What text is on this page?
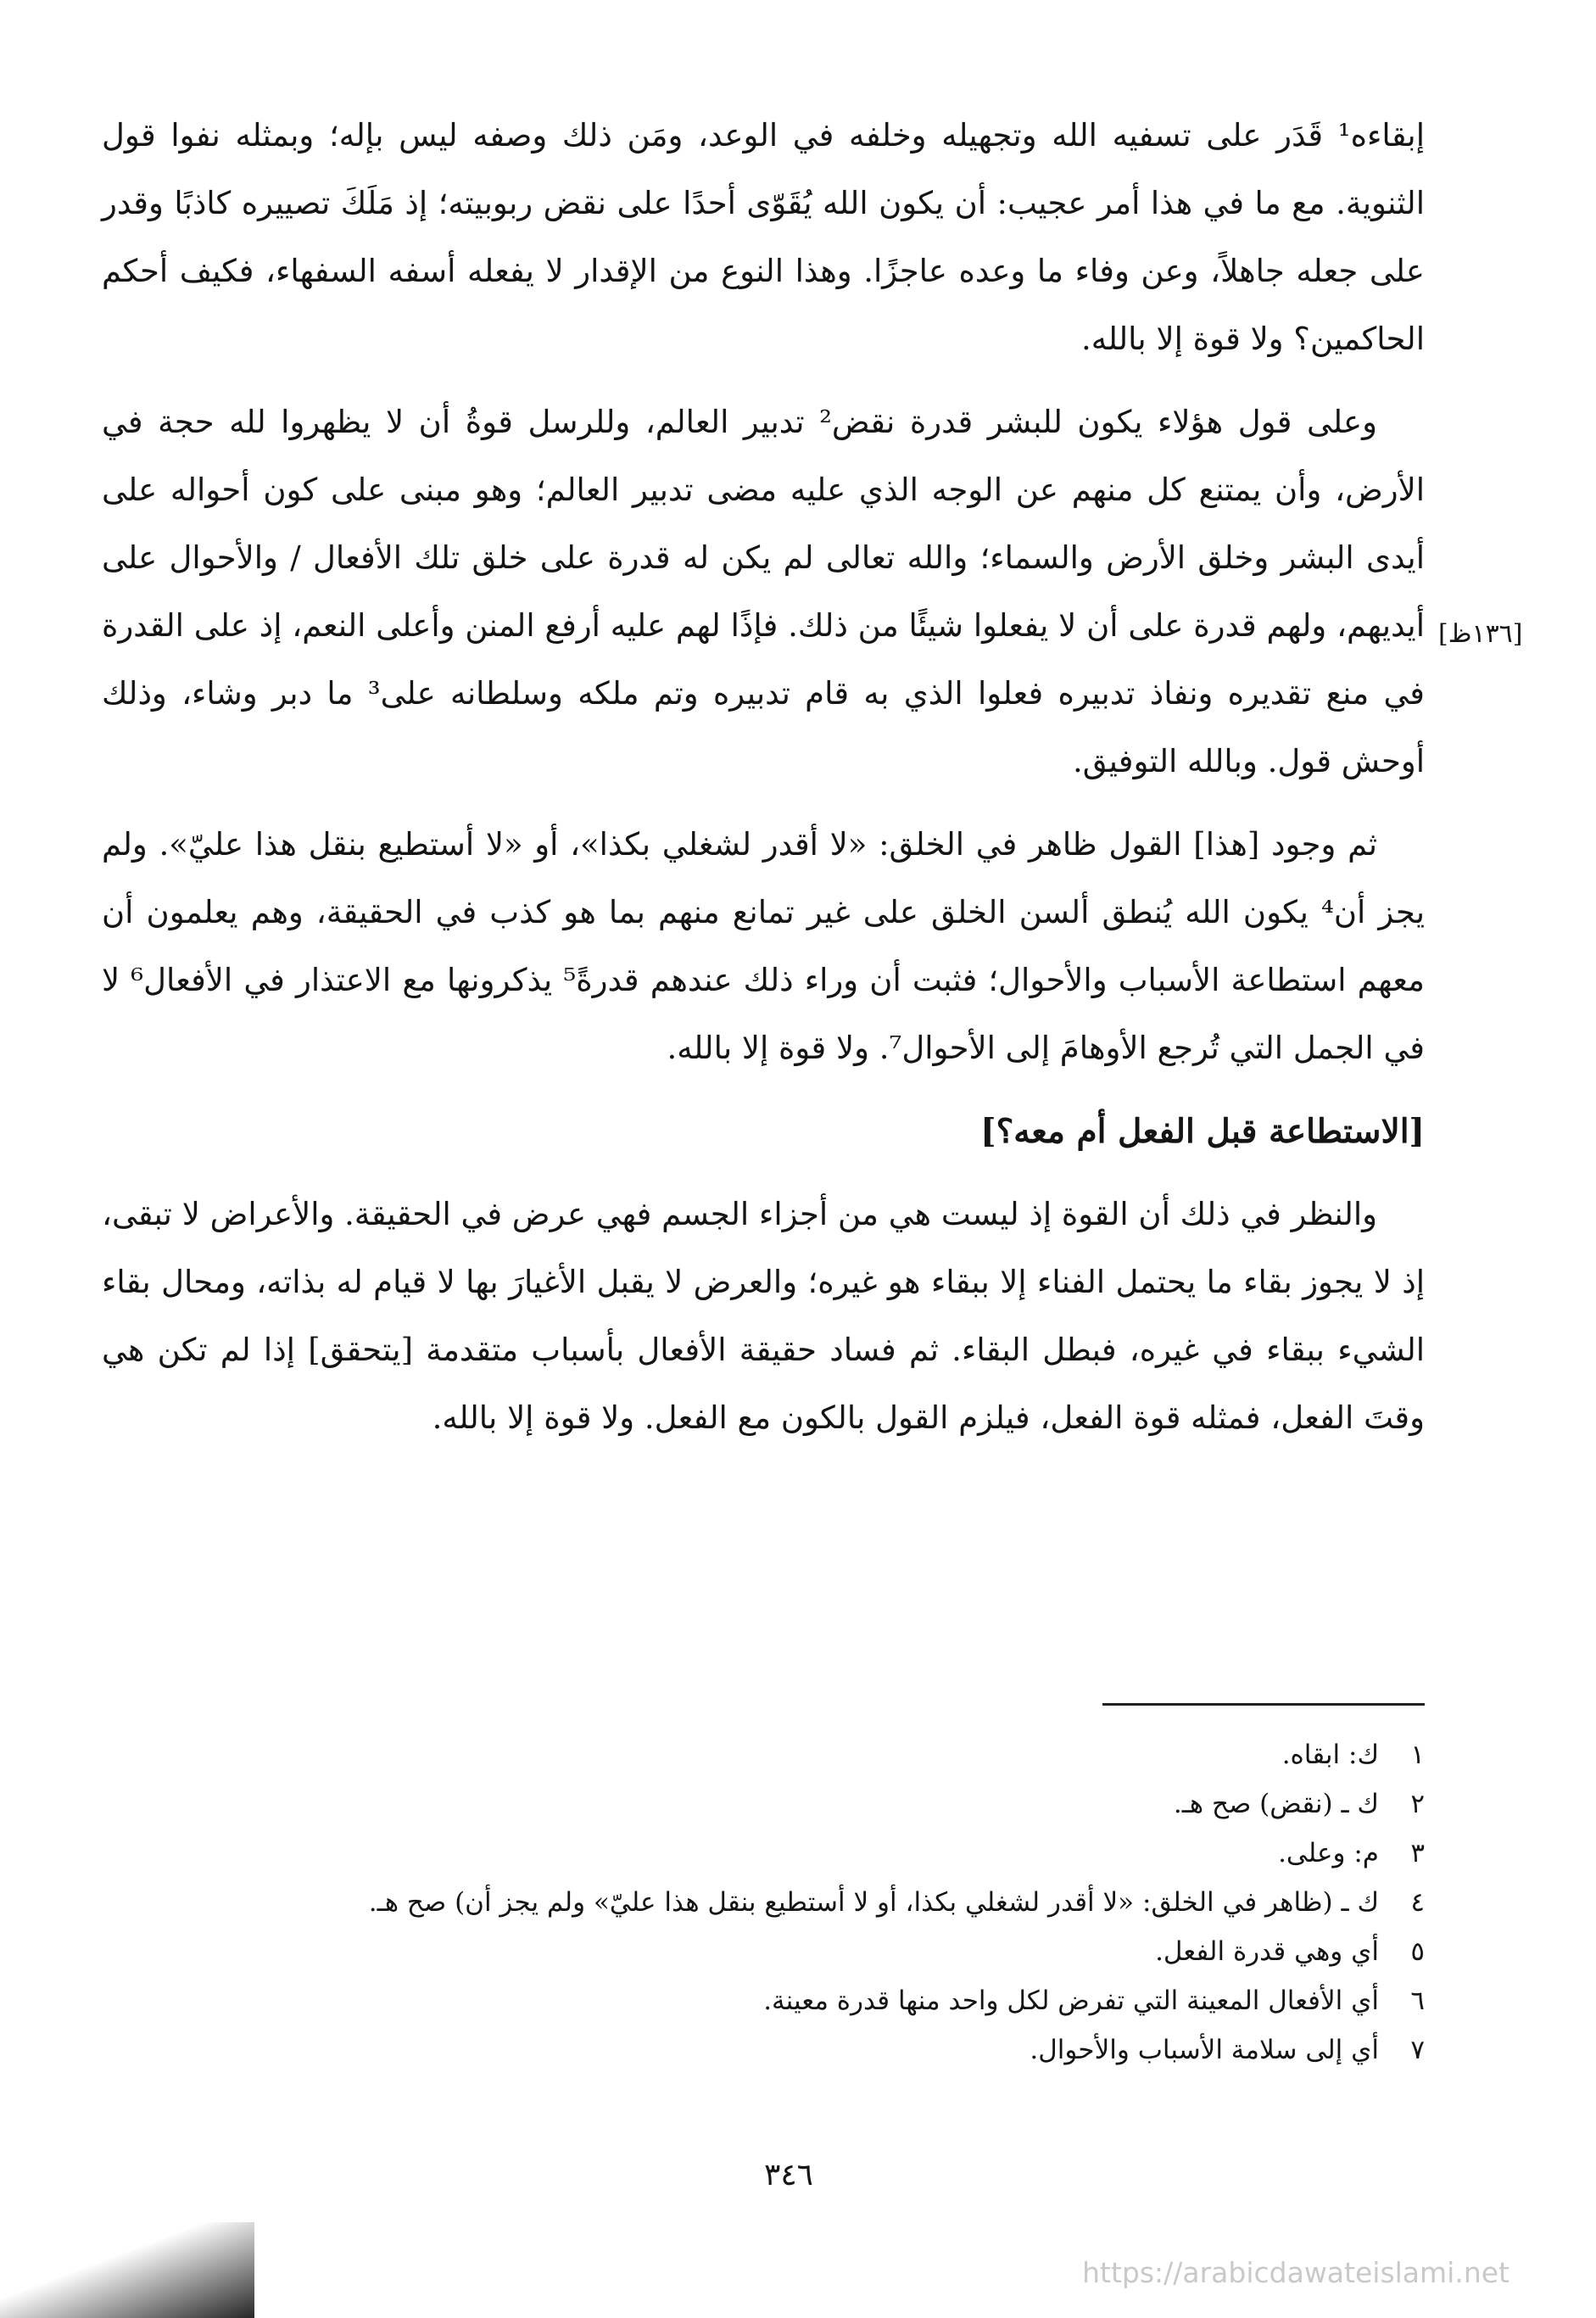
إبقاءه¹ قَدَر على تسفيه الله وتجهيله وخلفه في الوعد، ومَن ذلك وصفه ليس بإله؛ وبمثله نفوا قول الثنوية. مع ما في هذا أمر عجيب: أن يكون الله يُقَوّى أحدًا على نقض ربوبيته؛ إذ مَلَكَ تصييره كاذبًا وقدر على جعله جاهلاً، وعن وفاء ما وعده عاجزًا. وهذا النوع من الإقدار لا يفعله أسفه السفهاء، فكيف أحكم الحاكمين؟ ولا قوة إلا بالله.

وعلى قول هؤلاء يكون للبشر قدرة نقض² تدبير العالم، وللرسل قوةُ أن لا يظهروا لله حجة في الأرض، وأن يمتنع كل منهم عن الوجه الذي عليه مضى تدبير العالم؛ وهو مبنى على كون أحواله على أيدى البشر وخلق الأرض والسماء؛ والله تعالى لم يكن له قدرة على خلق تلك الأفعال / والأحوال على أيديهم، ولهم قدرة على أن لا يفعلوا شيئًا من ذلك. فإذًا لهم عليه أرفع المنن وأعلى النعم، إذ على القدرة في منع تقديره ونفاذ تدبيره فعلوا الذي به قام تدبيره وتم ملكه وسلطانه على³ ما دبر وشاء، وذلك أوحش قول. وبالله التوفيق.

ثم وجود [هذا] القول ظاهر في الخلق: «لا أقدر لشغلي بكذا»، أو «لا أستطيع بنقل هذا عليّ». ولم يجز أن⁴ يكون الله يُنطق ألسن الخلق على غير تمانع منهم بما هو كذب في الحقيقة، وهم يعلمون أن معهم استطاعة الأسباب والأحوال؛ فثبت أن وراء ذلك عندهم قدرةً⁵ يذكرونها مع الاعتذار في الأفعال⁶ لا في الجمل التي تُرجع الأوهامَ إلى الأحوال⁷. ولا قوة إلا بالله.

[الاستطاعة قبل الفعل أم معه؟]

والنظر في ذلك أن القوة إذ ليست هي من أجزاء الجسم فهي عرض في الحقيقة. والأعراض لا تبقى، إذ لا يجوز بقاء ما يحتمل الفناء إلا ببقاء هو غيره؛ والعرض لا يقبل الأغيارَ بها لا قيام له بذاته، ومحال بقاء الشيء ببقاء في غيره، فبطل البقاء. ثم فساد حقيقة الأفعال بأسباب متقدمة [يتحقق] إذا لم تكن هي وقتَ الفعل، فمثله قوة الفعل، فيلزم القول بالكون مع الفعل. ولا قوة إلا بالله.

[١٣٦ظ]
١
ك: ابقاه.
٢
ك ـ (نقض) صح هـ.
٣
م: وعلى.
٤
ك ـ (ظاهر في الخلق: «لا أقدر لشغلي بكذا، أو لا أستطيع بنقل هذا عليّ» ولم يجز أن) صح هـ.
٥
أي وهي قدرة الفعل.
٦
أي الأفعال المعينة التي تفرض لكل واحد منها قدرة معينة.
٧
أي إلى سلامة الأسباب والأحوال.
٣٤٦
https://arabicdawateislami.net
